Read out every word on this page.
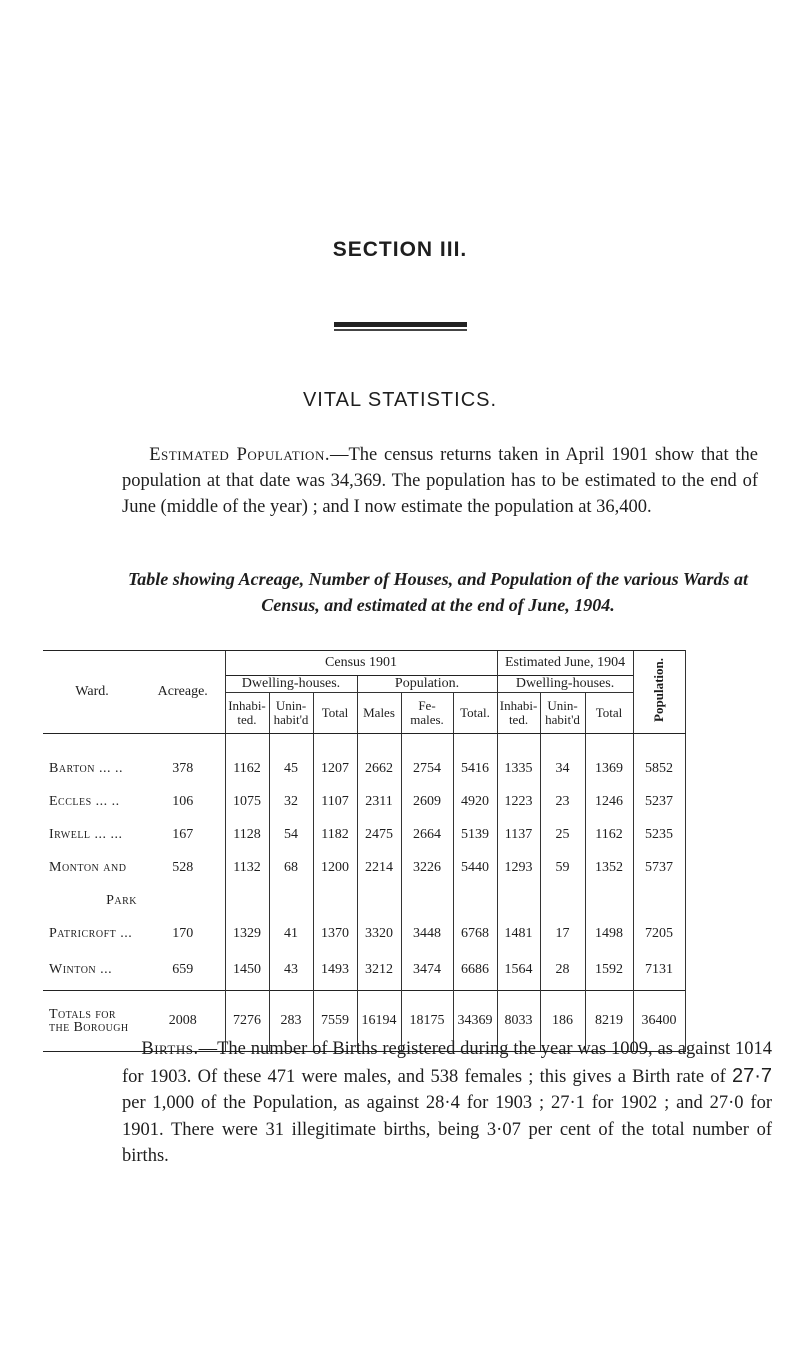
SECTION III.
VITAL STATISTICS.
Estimated Population.—The census returns taken in April 1901 show that the population at that date was 34,369. The population has to be estimated to the end of June (middle of the year) ; and I now estimate the population at 36,400.
Table showing Acreage, Number of Houses, and Population of the various Wards at Census, and estimated at the end of June, 1904.
Ward.	Acreage.	Census 1901						Estimated June, 1904			Population.
		Dwelling-houses.			Population.			Dwelling-houses.			
		Inhabi- ted.	Unin- habit'd	Total	Males	Fe- males.	Total.	Inhabi- ted.	Unin- habit'd	Total	

Barton ... ..	378	1162	45	1207	2662	2754	5416	1335	34	1369	5852
Eccles ... ..	106	1075	32	1107	2311	2609	4920	1223	23	1246	5237
Irwell ... ...	167	1128	54	1182	2475	2664	5139	1137	25	1162	5235
Monton and	528	1132	68	1200	2214	3226	5440	1293	59	1352	5737
Park											
Patricroft ...	170	1329	41	1370	3320	3448	6768	1481	17	1498	7205
Winton ...	659	1450	43	1493	3212	3474	6686	1564	28	1592	7131
Totals for
the Borough	2008	7276	283	7559	16194	18175	34369	8033	186	8219	36400
Births.—The number of Births registered during the year was 1009, as against 1014 for 1903. Of these 471 were males, and 538 females ; this gives a Birth rate of 27·7 per 1,000 of the Population, as against 28·4 for 1903 ; 27·1 for 1902 ; and 27·0 for 1901. There were 31 illegitimate births, being 3·07 per cent of the total number of births.
